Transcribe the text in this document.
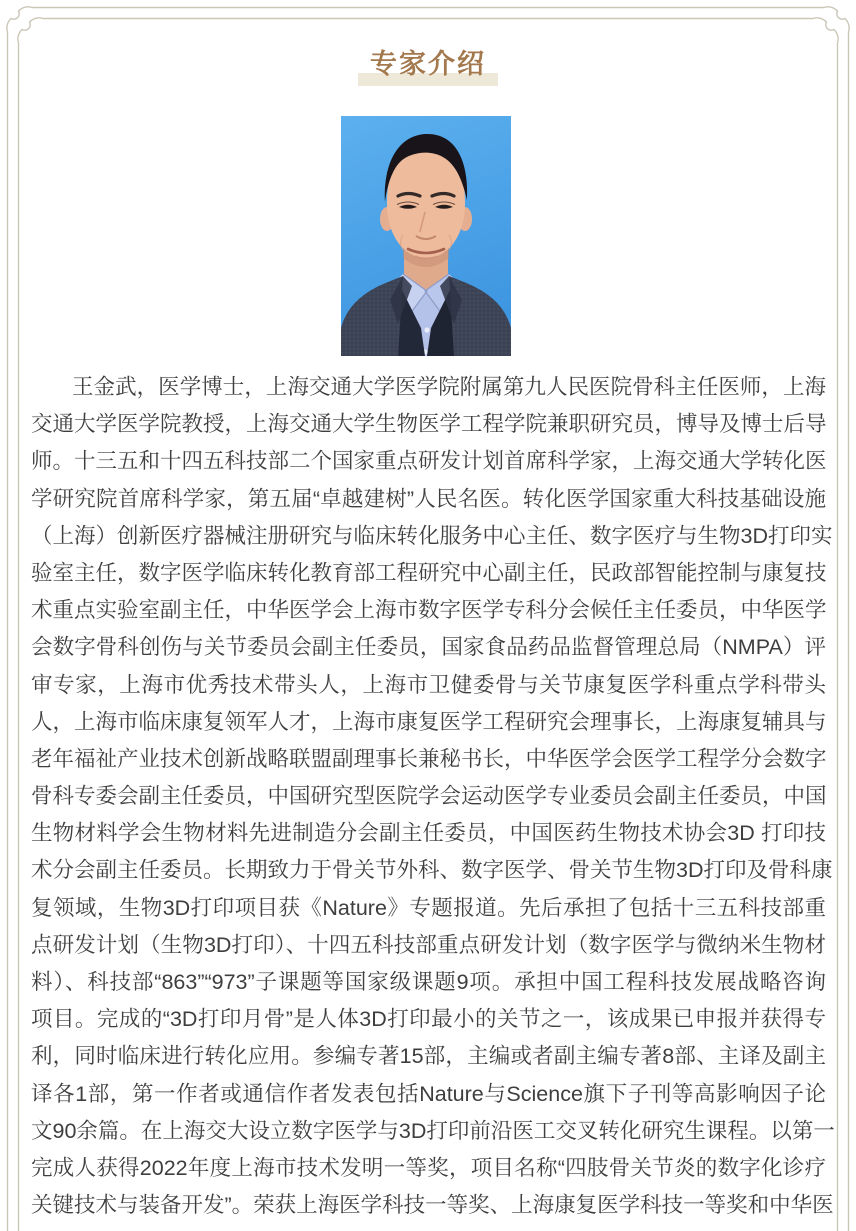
专家介绍
王金武，医学博士，上海交通大学医学院附属第九人民医院骨科主任医师，上海
交通大学医学院教授，上海交通大学生物医学工程学院兼职研究员，博导及博士后导
师。十三五和十四五科技部二个国家重点研发计划首席科学家，上海交通大学转化医
学研究院首席科学家，第五届“卓越建树”人民名医。转化医学国家重大科技基础设施
（上海）创新医疗器械注册研究与临床转化服务中心主任、数字医疗与生物3D打印实
验室主任，数字医学临床转化教育部工程研究中心副主任，民政部智能控制与康复技
术重点实验室副主任，中华医学会上海市数字医学专科分会候任主任委员，中华医学
会数字骨科创伤与关节委员会副主任委员，国家食品药品监督管理总局（NMPA）评
审专家，上海市优秀技术带头人，上海市卫健委骨与关节康复医学科重点学科带头
人，上海市临床康复领军人才，上海市康复医学工程研究会理事长，上海康复辅具与
老年福祉产业技术创新战略联盟副理事长兼秘书长，中华医学会医学工程学分会数字
骨科专委会副主任委员，中国研究型医院学会运动医学专业委员会副主任委员，中国
生物材料学会生物材料先进制造分会副主任委员，中国医药生物技术协会3D 打印技
术分会副主任委员。长期致力于骨关节外科、数字医学、骨关节生物3D打印及骨科康
复领域，生物3D打印项目获《Nature》专题报道。先后承担了包括十三五科技部重
点研发计划（生物3D打印）、十四五科技部重点研发计划（数字医学与微纳米生物材
料）、科技部“863”“973”子课题等国家级课题9项。承担中国工程科技发展战略咨询
项目。完成的“3D打印月骨”是人体3D打印最小的关节之一，该成果已申报并获得专
利，同时临床进行转化应用。参编专著15部，主编或者副主编专著8部、主译及副主
译各1部，第一作者或通信作者发表包括Nature与Science旗下子刊等高影响因子论
文90余篇。在上海交大设立数字医学与3D打印前沿医工交叉转化研究生课程。以第一
完成人获得2022年度上海市技术发明一等奖，项目名称“四肢骨关节炎的数字化诊疗
关键技术与装备开发”。荣获上海医学科技一等奖、上海康复医学科技一等奖和中华医
